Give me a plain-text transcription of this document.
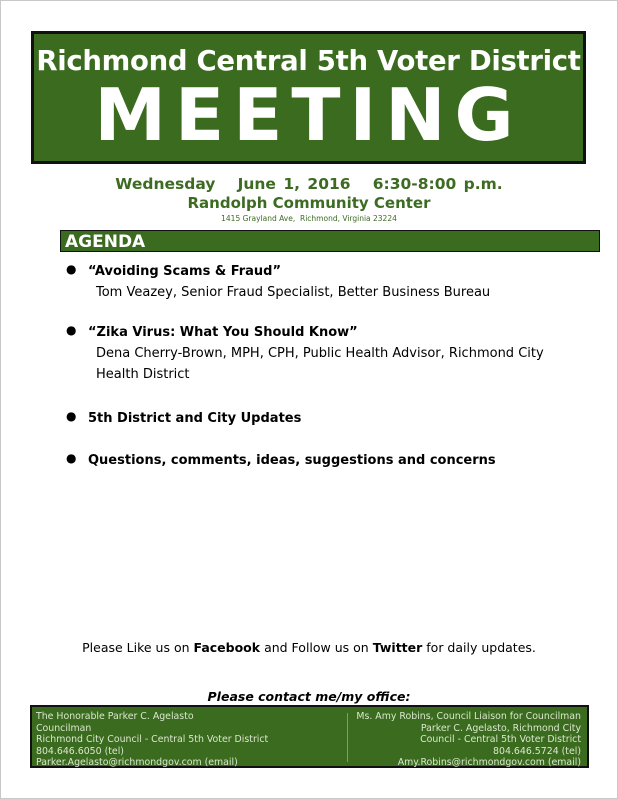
Richmond Central 5th Voter District
MEETING
Wednesday   June 1, 2016   6:30-8:00 p.m.
Randolph Community Center
1415 Grayland Ave,  Richmond, Virginia 23224
AGENDA
● “Avoiding Scams & Fraud”
Tom Veazey, Senior Fraud Specialist, Better Business Bureau
● “Zika Virus: What You Should Know”
Dena Cherry-Brown, MPH, CPH, Public Health Advisor, Richmond City Health District
● 5th District and City Updates
● Questions, comments, ideas, suggestions and concerns
Please Like us on Facebook and Follow us on Twitter for daily updates.
Please contact me/my office:
The Honorable Parker C. Agelasto
Councilman
Richmond City Council - Central 5th Voter District
804.646.6050 (tel)
Parker.Agelasto@richmondgov.com (email)
Ms. Amy Robins, Council Liaison for Councilman
Parker C. Agelasto, Richmond City
Council - Central 5th Voter District
804.646.5724 (tel)
Amy.Robins@richmondgov.com (email)
